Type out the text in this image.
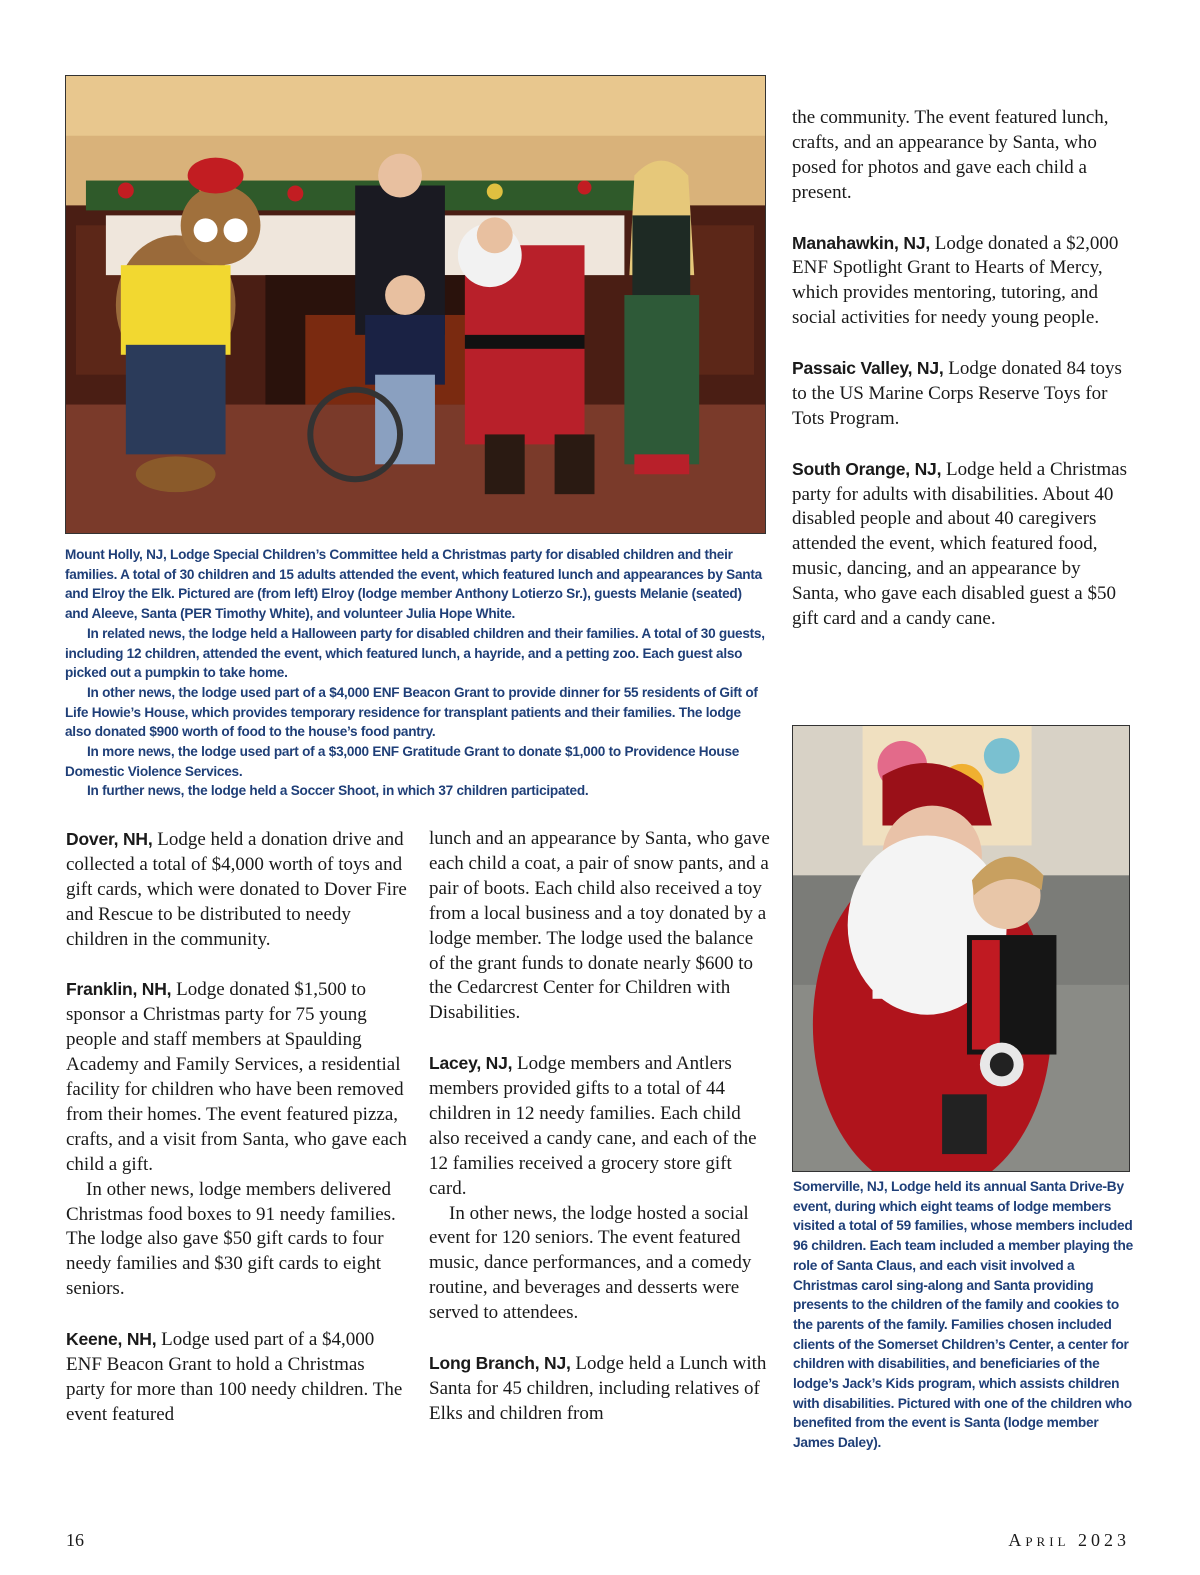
Mount Holly, NJ, Lodge Special Children’s Committee held a Christmas party for disabled children and their families. A total of 30 children and 15 adults attended the event, which featured lunch and appearances by Santa and Elroy the Elk. Pictured are (from left) Elroy (lodge member Anthony Lotierzo Sr.), guests Melanie (seated) and Aleeve, Santa (PER Timothy White), and volunteer Julia Hope White.
In related news, the lodge held a Halloween party for disabled children and their families. A total of 30 guests, including 12 children, attended the event, which featured lunch, a hayride, and a petting zoo. Each guest also picked out a pumpkin to take home.
In other news, the lodge used part of a $4,000 ENF Beacon Grant to provide dinner for 55 residents of Gift of Life Howie’s House, which provides temporary residence for transplant patients and their families. The lodge also donated $900 worth of food to the house’s food pantry.
In more news, the lodge used part of a $3,000 ENF Gratitude Grant to donate $1,000 to Providence House Domestic Violence Services.
In further news, the lodge held a Soccer Shoot, in which 37 children participated.

the community. The event featured lunch, crafts, and an appearance by Santa, who posed for photos and gave each child a present.

Manahawkin, NJ, Lodge donated a $2,000 ENF Spotlight Grant to Hearts of Mercy, which provides mentoring, tutoring, and social activities for needy young people.

Passaic Valley, NJ, Lodge donated 84 toys to the US Marine Corps Reserve Toys for Tots Program.

South Orange, NJ, Lodge held a Christmas party for adults with disabilities. About 40 disabled people and about 40 caregivers attended the event, which featured food, music, dancing, and an appearance by Santa, who gave each disabled guest a $50 gift card and a candy cane.

Somerville, NJ, Lodge held its annual Santa Drive-By event, during which eight teams of lodge members visited a total of 59 families, whose members included 96 children. Each team included a member playing the role of Santa Claus, and each visit involved a Christmas carol sing-along and Santa providing presents to the children of the family and cookies to the parents of the family. Families chosen included clients of the Somerset Children’s Center, a center for children with disabilities, and beneficiaries of the lodge’s Jack’s Kids program, which assists children with disabilities. Pictured with one of the children who benefited from the event is Santa (lodge member James Daley).

Dover, NH, Lodge held a donation drive and collected a total of $4,000 worth of toys and gift cards, which were donated to Dover Fire and Rescue to be distributed to needy children in the community.

Franklin, NH, Lodge donated $1,500 to sponsor a Christmas party for 75 young people and staff members at Spaulding Academy and Family Services, a residential facility for children who have been removed from their homes. The event featured pizza, crafts, and a visit from Santa, who gave each child a gift.

In other news, lodge members delivered Christmas food boxes to 91 needy families. The lodge also gave $50 gift cards to four needy families and $30 gift cards to eight seniors.

Keene, NH, Lodge used part of a $4,000 ENF Beacon Grant to hold a Christmas party for more than 100 needy children. The event featured

lunch and an appearance by Santa, who gave each child a coat, a pair of snow pants, and a pair of boots. Each child also received a toy from a local business and a toy donated by a lodge member. The lodge used the balance of the grant funds to donate nearly $600 to the Cedarcrest Center for Children with Disabilities.

Lacey, NJ, Lodge members and Antlers members provided gifts to a total of 44 children in 12 needy families. Each child also received a candy cane, and each of the 12 families received a grocery store gift card.

In other news, the lodge hosted a social event for 120 seniors. The event featured music, dance performances, and a comedy routine, and beverages and desserts were served to attendees.

Long Branch, NJ, Lodge held a Lunch with Santa for 45 children, including relatives of Elks and children from

16	April 2023
